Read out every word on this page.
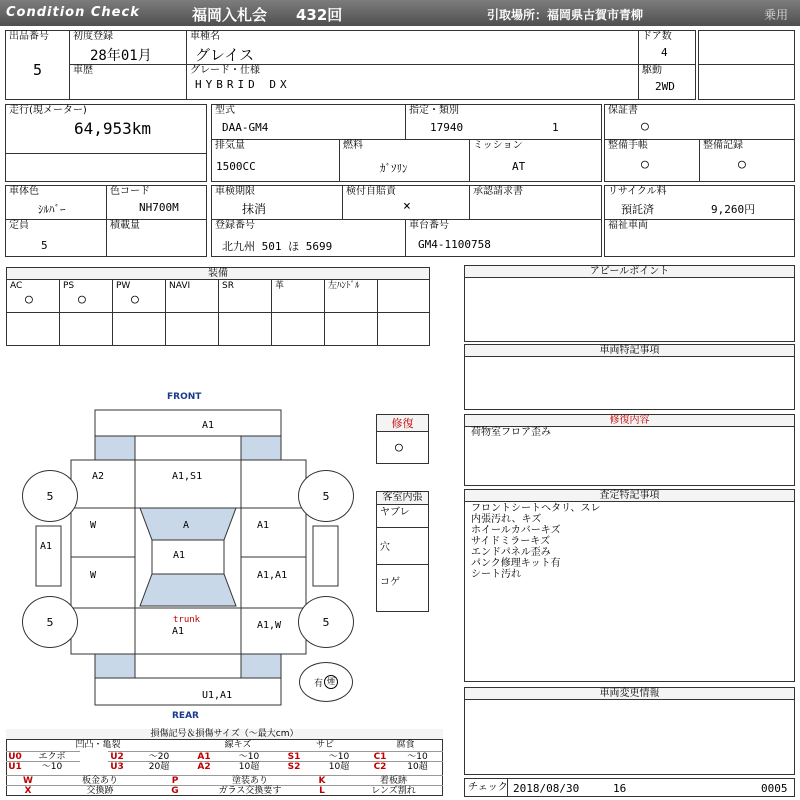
Condition Check	福岡入札会 432回	引取場所：福岡県古賀市青柳	乗用
出品番号
5
初度登録
28年01月
車歴
車種名
グレイス
グレード・仕様
HYBRID DX
ドア数
4
駆動
2WD
走行(現メーター)
64,953km
型式
DAA-GM4
指定・類別
17940	1
排気量
1500CC
燃料
ｶﾞｿﾘﾝ
ミッション
AT
保証書
○
整備手帳
○
整備記録
○
車体色
ｼﾙﾊﾞｰ
色コード
NH700M
定員
5
積載量
車検期限
抹消
検付自賠責
×
承認請求書
登録番号
北九州 501 ほ 5699
車台番号
GM4-1100758
リサイクル料
預託済	9,260円
福祉車両
装備
AC
○
PS
○
PW
○
NAVI	SR	革	左ﾊﾝﾄﾞﾙ
アピールポイント
車両特記事項
修復内容
荷物室フロア歪み
査定特記事項
フロントシートヘタリ、スレ
内張汚れ、キズ
ホイールカバーキズ
サイドミラーキズ
エンドパネル歪み
パンク修理キット有
シート汚れ
車両変更情報
修復
○
客室内張
ヤブレ
穴
コゲ
FRONT
REAR
5	5
5	5
A1
A1,S1
A2
A
A1
A1
A1,A1
trunk
A1
A1,W
U1,A1
A1
W
W
有 煙
損傷記号＆損傷サイズ（～最大cm）
凹凸・亀裂	線キズ	サビ	腐食
U0	エクボ	U2	～20	A1	～10	S1	～10	C1	～10
U1	～10	U3	20超	A2	10超	S2	10超	C2	10超
W	板金あり	P	塗装あり	K	着板跡
X	交換跡	G	ガラス交換要す	L	レンズ割れ	チェック 2018/08/30	16	0005
